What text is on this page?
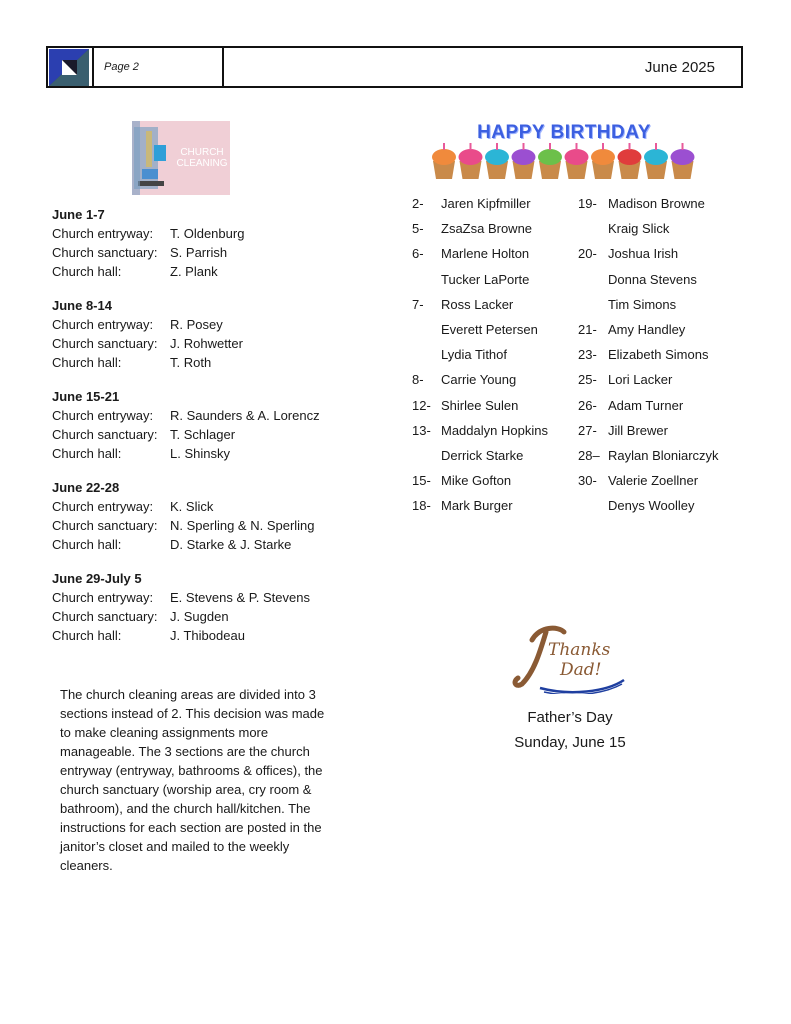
Page 2	June 2025
CHURCH CLEANING
June 1-7
Church entryway:	T. Oldenburg
Church sanctuary: S. Parrish
Church hall:	Z. Plank
June 8-14
Church entryway:	R. Posey
Church sanctuary: J. Rohwetter
Church hall:	T. Roth
June 15-21
Church entryway:	R. Saunders & A. Lorencz
Church sanctuary: T. Schlager
Church hall:	L. Shinsky
June 22-28
Church entryway:	K. Slick
Church sanctuary: N. Sperling & N. Sperling
Church hall:	D. Starke & J. Starke
June 29-July 5
Church entryway:	E. Stevens & P. Stevens
Church sanctuary: J. Sugden
Church hall:	J. Thibodeau
The church cleaning areas are divided into 3 sections instead of 2. This decision was made to make cleaning assignments more manageable. The 3 sections are the church entryway (entryway, bathrooms & offices), the church sanctuary (worship area, cry room & bathroom), and the church hall/kitchen. The instructions for each section are posted in the janitor’s closet and mailed to the weekly cleaners.
HAPPY BIRTHDAY
2-	Jaren Kipfmiller
5-	ZsaZsa Browne
6-	Marlene Holton
Tucker LaPorte
7-	Ross Lacker
Everett Petersen
Lydia Tithof
8-	Carrie Young
12- Shirlee Sulen
13- Maddalyn Hopkins
Derrick Starke
15- Mike Gofton
18- Mark Burger
19- Madison Browne
Kraig Slick
20- Joshua Irish
Donna Stevens
Tim Simons
21- Amy Handley
23- Elizabeth Simons
25- Lori Lacker
26- Adam Turner
27- Jill Brewer
28– Raylan Bloniarczyk
30- Valerie Zoellner
Denys Woolley
Thanks
Dad!
Father’s Day
Sunday, June 15
